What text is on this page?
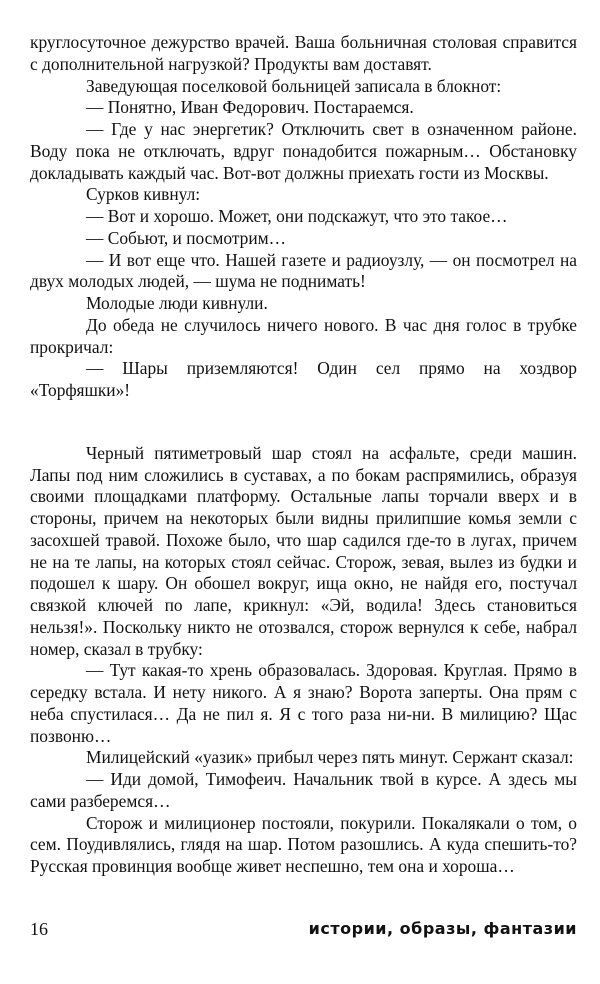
круглосуточное дежурство врачей. Ваша больничная столовая справится с дополнительной нагрузкой? Продукты вам доставят.

Заведующая поселковой больницей записала в блокнот:

— Понятно, Иван Федорович. Постараемся.

— Где у нас энергетик? Отключить свет в означенном районе. Воду пока не отключать, вдруг понадобится пожарным… Обстановку докладывать каждый час. Вот-вот должны приехать гости из Москвы.

Сурков кивнул:

— Вот и хорошо. Может, они подскажут, что это такое…

— Собьют, и посмотрим…

— И вот еще что. Нашей газете и радиоузлу, — он посмотрел на двух молодых людей, — шума не поднимать!

Молодые люди кивнули.

До обеда не случилось ничего нового. В час дня голос в трубке прокричал:

— Шары приземляются! Один сел прямо на хоздвор «Торфяшки»!

Черный пятиметровый шар стоял на асфальте, среди машин. Лапы под ним сложились в суставах, а по бокам распрямились, образуя своими площадками платформу. Остальные лапы торчали вверх и в стороны, причем на некоторых были видны прилипшие комья земли с засохшей травой. Похоже было, что шар садился где-то в лугах, причем не на те лапы, на которых стоял сейчас. Сторож, зевая, вылез из будки и подошел к шару. Он обошел вокруг, ища окно, не найдя его, постучал связкой ключей по лапе, крикнул: «Эй, водила! Здесь становиться нельзя!». Поскольку никто не отозвался, сторож вернулся к себе, набрал номер, сказал в трубку:

— Тут какая-то хрень образовалась. Здоровая. Круглая. Прямо в середку встала. И нету никого. А я знаю? Ворота заперты. Она прям с неба спустилася… Да не пил я. Я с того раза ни-ни. В милицию? Щас позвоню…

Милицейский «уазик» прибыл через пять минут. Сержант сказал:

— Иди домой, Тимофеич. Начальник твой в курсе. А здесь мы сами разберемся…

Сторож и милиционер постояли, покурили. Покалякали о том, о сем. Поудивлялись, глядя на шар. Потом разошлись. А куда спешить-то? Русская провинция вообще живет неспешно, тем она и хороша…

16	истории, образы, фантазии
